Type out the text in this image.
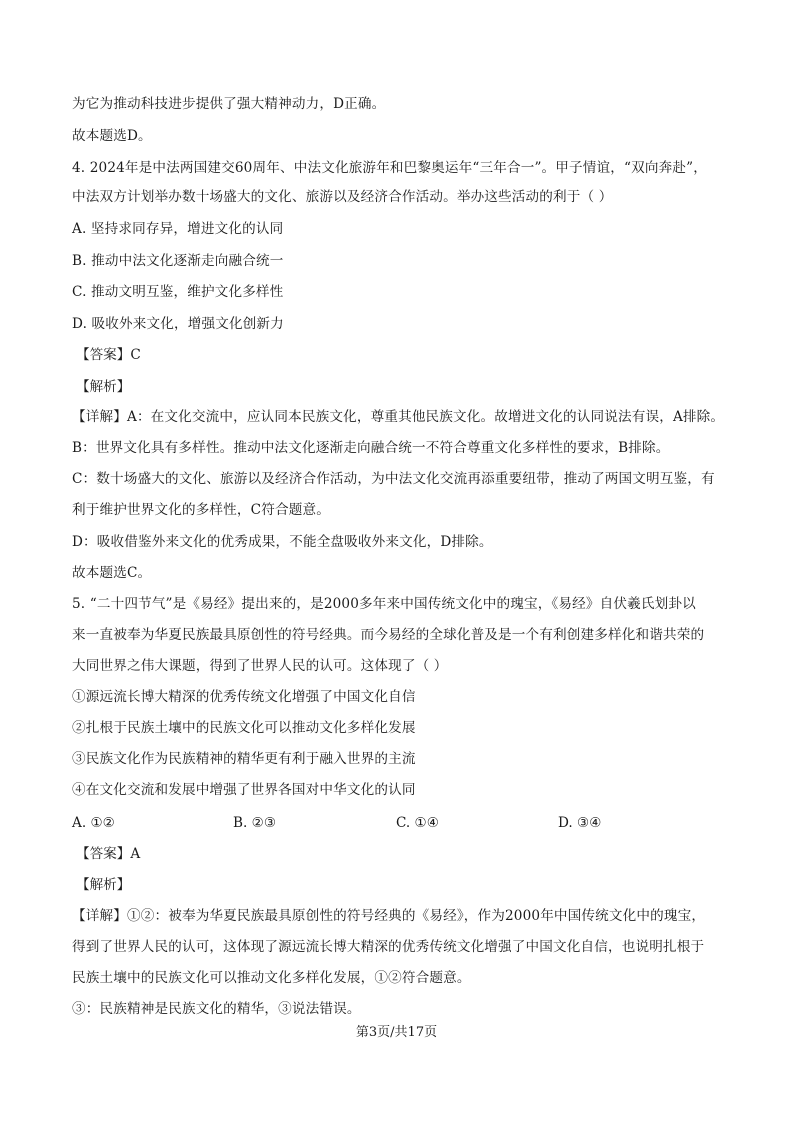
为它为推动科技进步提供了强大精神动力，D正确。
故本题选D。
4. 2024年是中法两国建交60周年、中法文化旅游年和巴黎奥运年“三年合一”。甲子情谊，“双向奔赴”，
中法双方计划举办数十场盛大的文化、旅游以及经济合作活动。举办这些活动的利于（ ）
A. 坚持求同存异，增进文化的认同
B. 推动中法文化逐渐走向融合统一
C. 推动文明互鉴，维护文化多样性
D. 吸收外来文化，增强文化创新力
【答案】C
【解析】
【详解】A：在文化交流中，应认同本民族文化，尊重其他民族文化。故增进文化的认同说法有误，A排除。
B：世界文化具有多样性。推动中法文化逐渐走向融合统一不符合尊重文化多样性的要求，B排除。
C：数十场盛大的文化、旅游以及经济合作活动，为中法文化交流再添重要纽带，推动了两国文明互鉴，有
利于维护世界文化的多样性，C符合题意。
D：吸收借鉴外来文化的优秀成果，不能全盘吸收外来文化，D排除。
故本题选C。
5. “二十四节气”是《易经》提出来的，是2000多年来中国传统文化中的瑰宝，《易经》自伏羲氏划卦以
来一直被奉为华夏民族最具原创性的符号经典。而今易经的全球化普及是一个有利创建多样化和谐共荣的
大同世界之伟大课题，得到了世界人民的认可。这体现了（ ）
①源远流长博大精深的优秀传统文化增强了中国文化自信
②扎根于民族土壤中的民族文化可以推动文化多样化发展
③民族文化作为民族精神的精华更有利于融入世界的主流
④在文化交流和发展中增强了世界各国对中华文化的认同
A. ①②	B. ②③	C. ①④	D. ③④
【答案】A
【解析】
【详解】①②：被奉为华夏民族最具原创性的符号经典的《易经》，作为2000年中国传统文化中的瑰宝，
得到了世界人民的认可，这体现了源远流长博大精深的优秀传统文化增强了中国文化自信，也说明扎根于
民族土壤中的民族文化可以推动文化多样化发展，①②符合题意。
③：民族精神是民族文化的精华，③说法错误。
第3页/共17页
